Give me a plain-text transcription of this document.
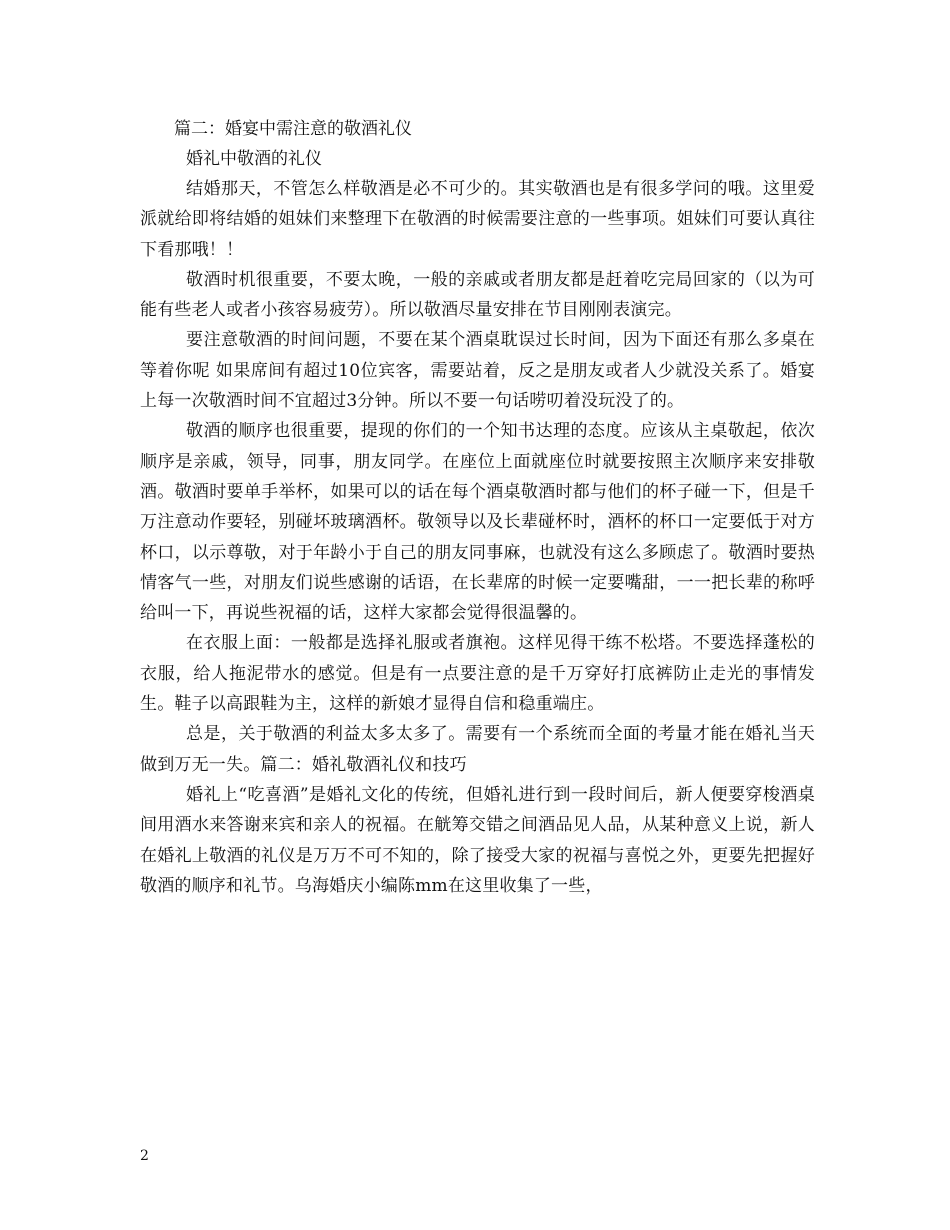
篇二：婚宴中需注意的敬酒礼仪

婚礼中敬酒的礼仪

结婚那天，不管怎么样敬酒是必不可少的。其实敬酒也是有很多学问的哦。这里爱派就给即将结婚的姐妹们来整理下在敬酒的时候需要注意的一些事项。姐妹们可要认真往下看那哦！！

敬酒时机很重要，不要太晚，一般的亲戚或者朋友都是赶着吃完局回家的（以为可能有些老人或者小孩容易疲劳）。所以敬酒尽量安排在节目刚刚表演完。

要注意敬酒的时间问题，不要在某个酒桌耽误过长时间，因为下面还有那么多桌在等着你呢 如果席间有超过10位宾客，需要站着，反之是朋友或者人少就没关系了。婚宴上每一次敬酒时间不宜超过3分钟。所以不要一句话唠叨着没玩没了的。

敬酒的顺序也很重要，提现的你们的一个知书达理的态度。应该从主桌敬起，依次顺序是亲戚，领导，同事，朋友同学。在座位上面就座位时就要按照主次顺序来安排敬酒。敬酒时要单手举杯，如果可以的话在每个酒桌敬酒时都与他们的杯子碰一下，但是千万注意动作要轻，别碰坏玻璃酒杯。敬领导以及长辈碰杯时，酒杯的杯口一定要低于对方杯口，以示尊敬，对于年龄小于自己的朋友同事麻，也就没有这么多顾虑了。敬酒时要热情客气一些，对朋友们说些感谢的话语，在长辈席的时候一定要嘴甜，一一把长辈的称呼给叫一下，再说些祝福的话，这样大家都会觉得很温馨的。

在衣服上面：一般都是选择礼服或者旗袍。这样见得干练不松塔。不要选择蓬松的衣服，给人拖泥带水的感觉。但是有一点要注意的是千万穿好打底裤防止走光的事情发生。鞋子以高跟鞋为主，这样的新娘才显得自信和稳重端庄。

总是，关于敬酒的利益太多太多了。需要有一个系统而全面的考量才能在婚礼当天做到万无一失。篇二：婚礼敬酒礼仪和技巧

婚礼上“吃喜酒”是婚礼文化的传统，但婚礼进行到一段时间后，新人便要穿梭酒桌间用酒水来答谢来宾和亲人的祝福。在觥筹交错之间酒品见人品，从某种意义上说，新人在婚礼上敬酒的礼仪是万万不可不知的，除了接受大家的祝福与喜悦之外，更要先把握好敬酒的顺序和礼节。乌海婚庆小编陈mm在这里收集了一些，

2
